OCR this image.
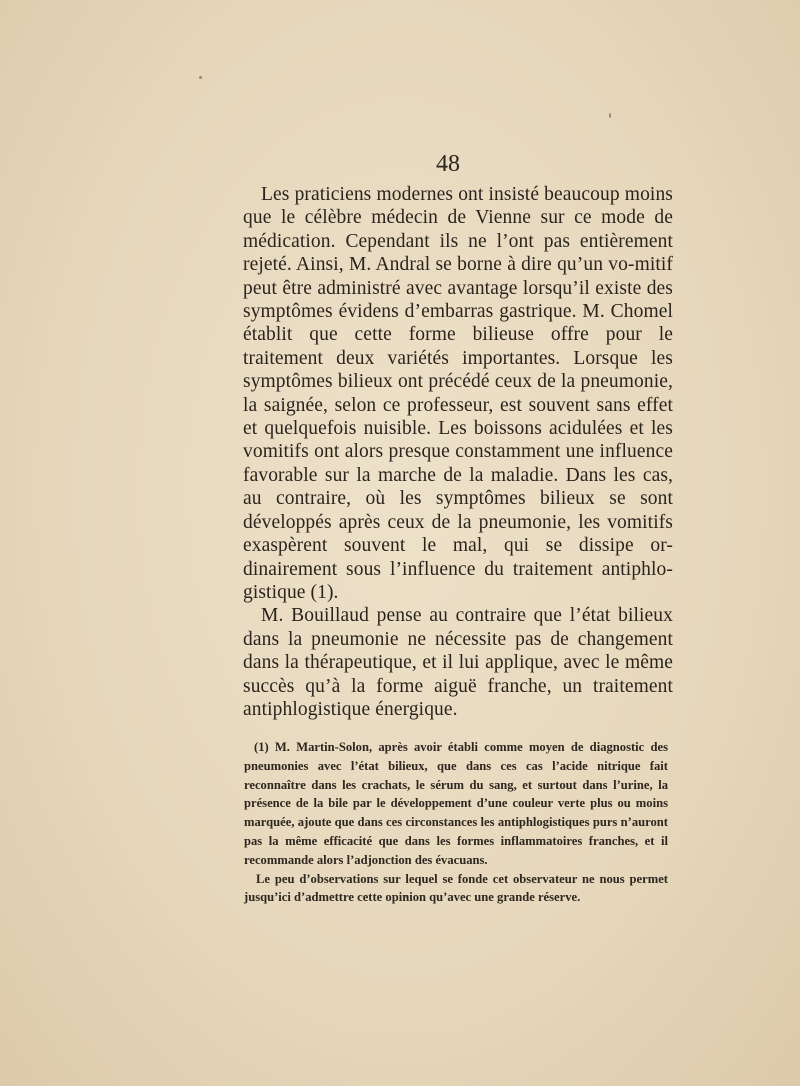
48

Les praticiens modernes ont insisté beaucoup moins que le célèbre médecin de Vienne sur ce mode de médication. Cependant ils ne l’ont pas entièrement rejeté. Ainsi, M. Andral se borne à dire qu’un vo-mitif peut être administré avec avantage lorsqu’il existe des symptômes évidens d’embarras gastrique. M. Chomel établit que cette forme bilieuse offre pour le traitement deux variétés importantes. Lorsque les symptômes bilieux ont précédé ceux de la pneumonie, la saignée, selon ce professeur, est souvent sans effet et quelquefois nuisible. Les boissons acidulées et les vomitifs ont alors presque constamment une influence favorable sur la marche de la maladie. Dans les cas, au contraire, où les symptômes bilieux se sont développés après ceux de la pneumonie, les vomitifs exaspèrent souvent le mal, qui se dissipe or-dinairement sous l’influence du traitement antiphlo-gistique (1).

M. Bouillaud pense au contraire que l’état bilieux dans la pneumonie ne nécessite pas de changement dans la thérapeutique, et il lui applique, avec le même succès qu’à la forme aiguë franche, un traitement antiphlogistique énergique.

(1) M. Martin-Solon, après avoir établi comme moyen de diagnostic des pneumonies avec l’état bilieux, que dans ces cas l’acide nitrique fait reconnaître dans les crachats, le sérum du sang, et surtout dans l’urine, la présence de la bile par le développement d’une couleur verte plus ou moins marquée, ajoute que dans ces circonstances les antiphlogistiques purs n’auront pas la même efficacité que dans les formes inflammatoires franches, et il recommande alors l’adjonction des évacuans.

Le peu d’observations sur lequel se fonde cet observateur ne nous permet jusqu’ici d’admettre cette opinion qu’avec une grande réserve.
